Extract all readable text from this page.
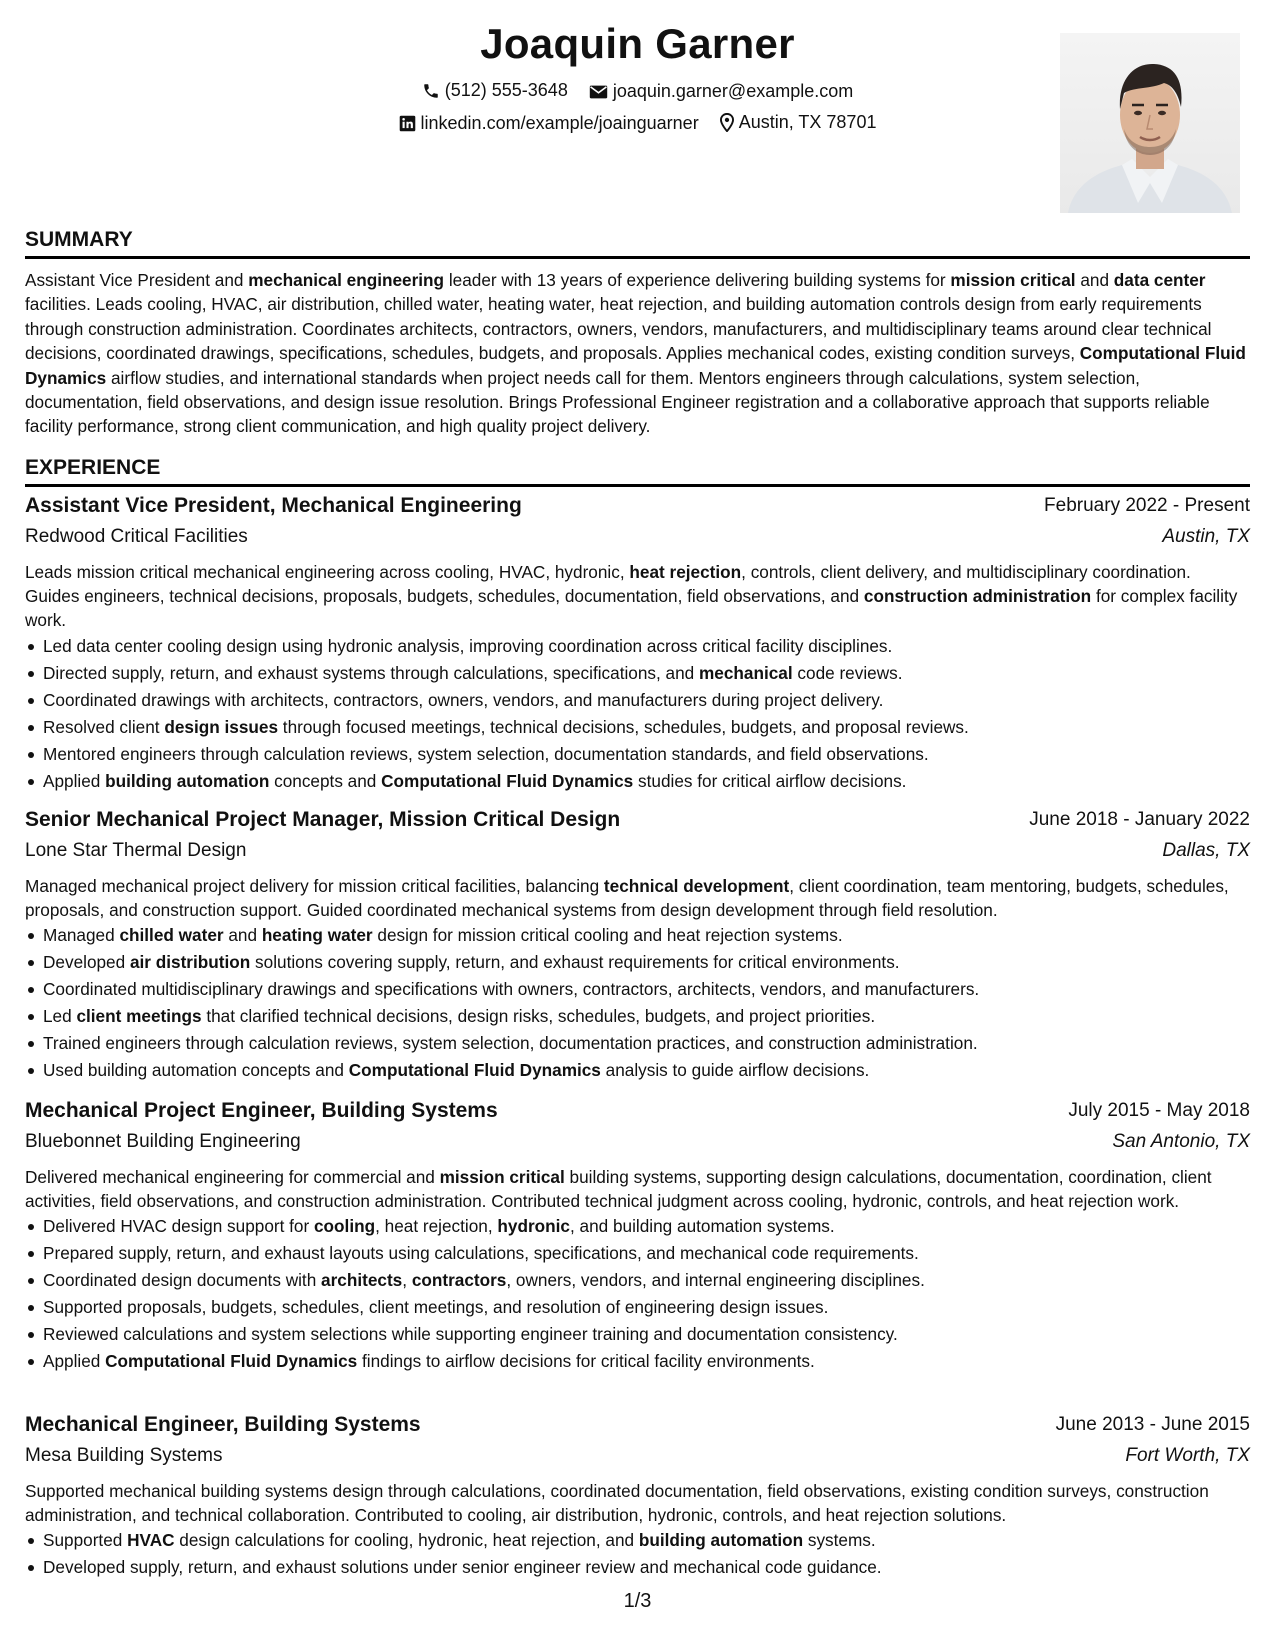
Joaquin Garner
(512) 555-3648
	joaquin.garner@example.com
linkedin.com/example/joainguarner
Austin, TX 78701
SUMMARY
Assistant Vice President and mechanical engineering leader with 13 years of experience delivering building systems for mission critical and data center facilities. Leads cooling, HVAC, air distribution, chilled water, heating water, heat rejection, and building automation controls design from early requirements through construction administration. Coordinates architects, contractors, owners, vendors, manufacturers, and multidisciplinary teams around clear technical decisions, coordinated drawings, specifications, schedules, budgets, and proposals. Applies mechanical codes, existing condition surveys, Computational Fluid Dynamics airflow studies, and international standards when project needs call for them. Mentors engineers through calculations, system selection, documentation, field observations, and design issue resolution. Brings Professional Engineer registration and a collaborative approach that supports reliable facility performance, strong client communication, and high quality project delivery.
EXPERIENCE
Assistant Vice President, Mechanical Engineering	February 2022 - Present
Redwood Critical Facilities	Austin, TX
Leads mission critical mechanical engineering across cooling, HVAC, hydronic, heat rejection, controls, client delivery, and multidisciplinary coordination. Guides engineers, technical decisions, proposals, budgets, schedules, documentation, field observations, and construction administration for complex facility work.
Led data center cooling design using hydronic analysis, improving coordination across critical facility disciplines.
Directed supply, return, and exhaust systems through calculations, specifications, and mechanical code reviews.
Coordinated drawings with architects, contractors, owners, vendors, and manufacturers during project delivery.
Resolved client design issues through focused meetings, technical decisions, schedules, budgets, and proposal reviews.
Mentored engineers through calculation reviews, system selection, documentation standards, and field observations.
Applied building automation concepts and Computational Fluid Dynamics studies for critical airflow decisions.
Senior Mechanical Project Manager, Mission Critical Design	June 2018 - January 2022
Lone Star Thermal Design	Dallas, TX
Managed mechanical project delivery for mission critical facilities, balancing technical development, client coordination, team mentoring, budgets, schedules, proposals, and construction support. Guided coordinated mechanical systems from design development through field resolution.
Managed chilled water and heating water design for mission critical cooling and heat rejection systems.
Developed air distribution solutions covering supply, return, and exhaust requirements for critical environments.
Coordinated multidisciplinary drawings and specifications with owners, contractors, architects, vendors, and manufacturers.
Led client meetings that clarified technical decisions, design risks, schedules, budgets, and project priorities.
Trained engineers through calculation reviews, system selection, documentation practices, and construction administration.
Used building automation concepts and Computational Fluid Dynamics analysis to guide airflow decisions.
Mechanical Project Engineer, Building Systems	July 2015 - May 2018
Bluebonnet Building Engineering	San Antonio, TX
Delivered mechanical engineering for commercial and mission critical building systems, supporting design calculations, documentation, coordination, client activities, field observations, and construction administration. Contributed technical judgment across cooling, hydronic, controls, and heat rejection work.
Delivered HVAC design support for cooling, heat rejection, hydronic, and building automation systems.
Prepared supply, return, and exhaust layouts using calculations, specifications, and mechanical code requirements.
Coordinated design documents with architects, contractors, owners, vendors, and internal engineering disciplines.
Supported proposals, budgets, schedules, client meetings, and resolution of engineering design issues.
Reviewed calculations and system selections while supporting engineer training and documentation consistency.
Applied Computational Fluid Dynamics findings to airflow decisions for critical facility environments.
Mechanical Engineer, Building Systems	June 2013 - June 2015
Mesa Building Systems	Fort Worth, TX
Supported mechanical building systems design through calculations, coordinated documentation, field observations, existing condition surveys, construction administration, and technical collaboration. Contributed to cooling, air distribution, hydronic, controls, and heat rejection solutions.
Supported HVAC design calculations for cooling, hydronic, heat rejection, and building automation systems.
Developed supply, return, and exhaust solutions under senior engineer review and mechanical code guidance.
1/3
